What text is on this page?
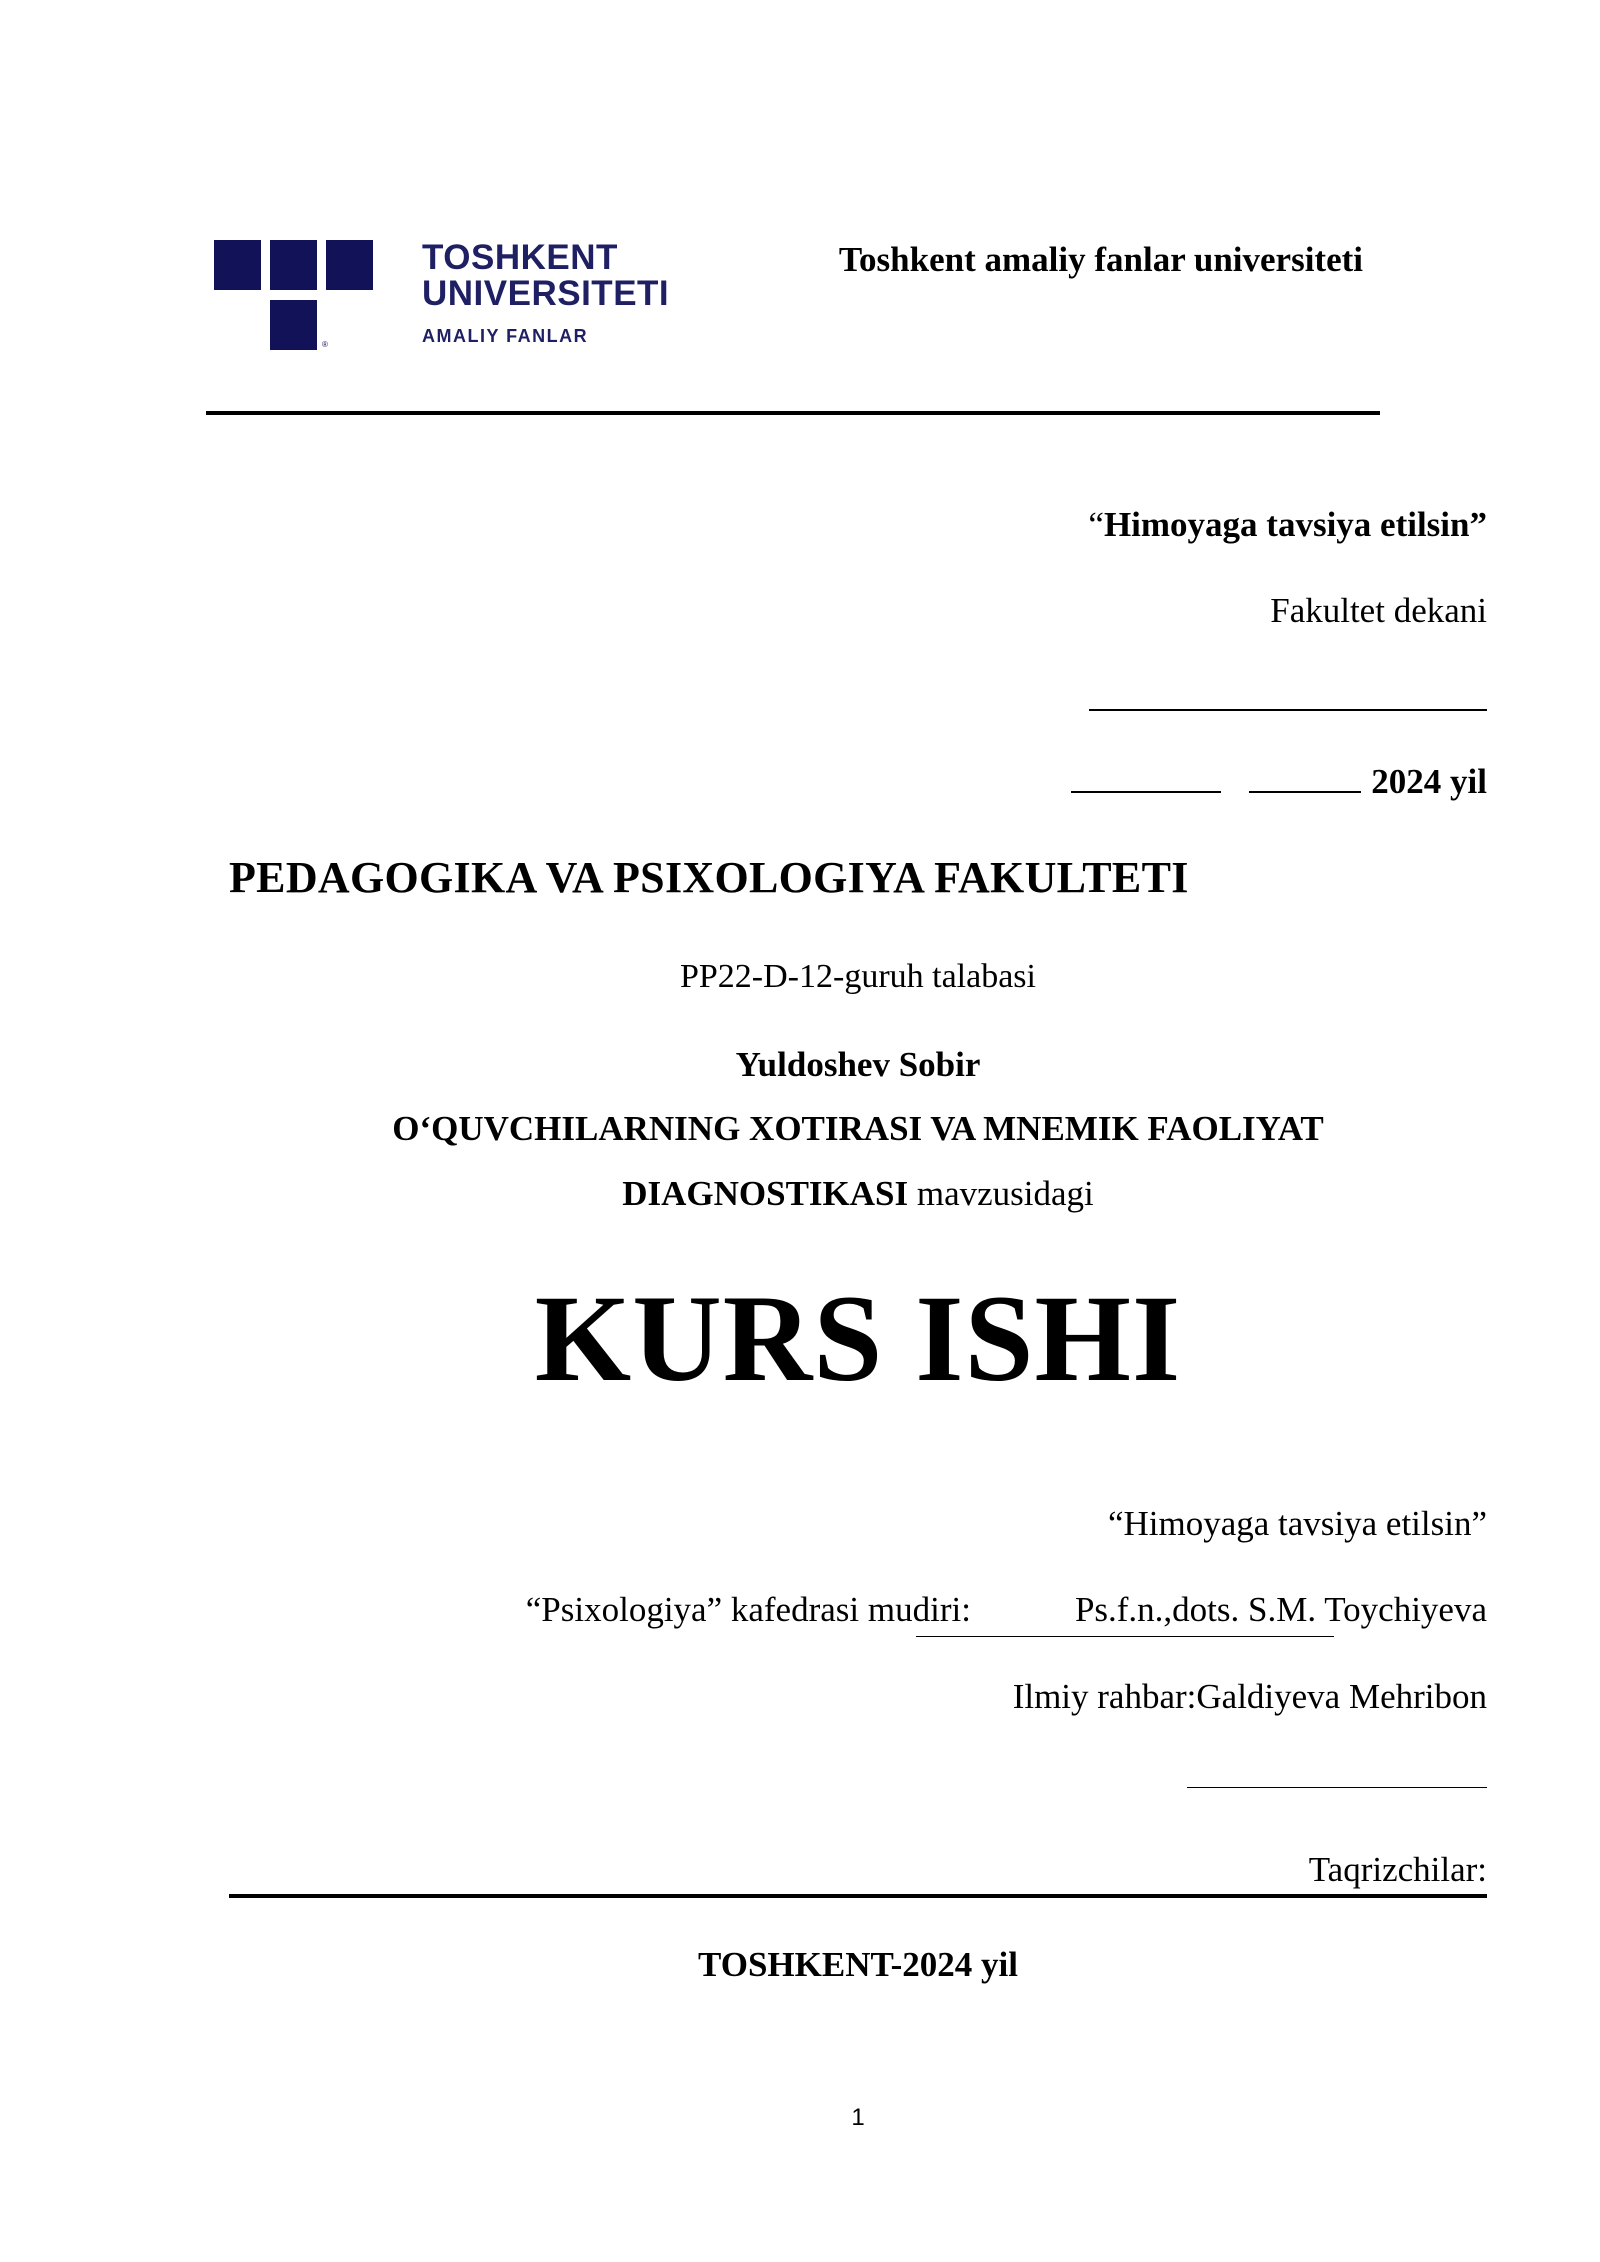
®
TOSHKENT
UNIVERSITETI
AMALIY FANLAR
Toshkent amaliy fanlar universiteti
“Himoyaga tavsiya etilsin”
Fakultet dekani
2024 yil
PEDAGOGIKA VA PSIXOLOGIYA FAKULTETI
PP22-D-12-guruh talabasi
Yuldoshev Sobir
O‘QUVCHILARNING XOTIRASI VA MNEMIK FAOLIYAT
DIAGNOSTIKASI mavzusidagi
KURS ISHI
“Himoyaga tavsiya etilsin”
“Psixologiya” kafedrasi mudiri:	Ps.f.n.,dots. S.M. Toychiyeva
Ilmiy rahbar:Galdiyeva Mehribon
Taqrizchilar:
TOSHKENT-2024 yil
1
